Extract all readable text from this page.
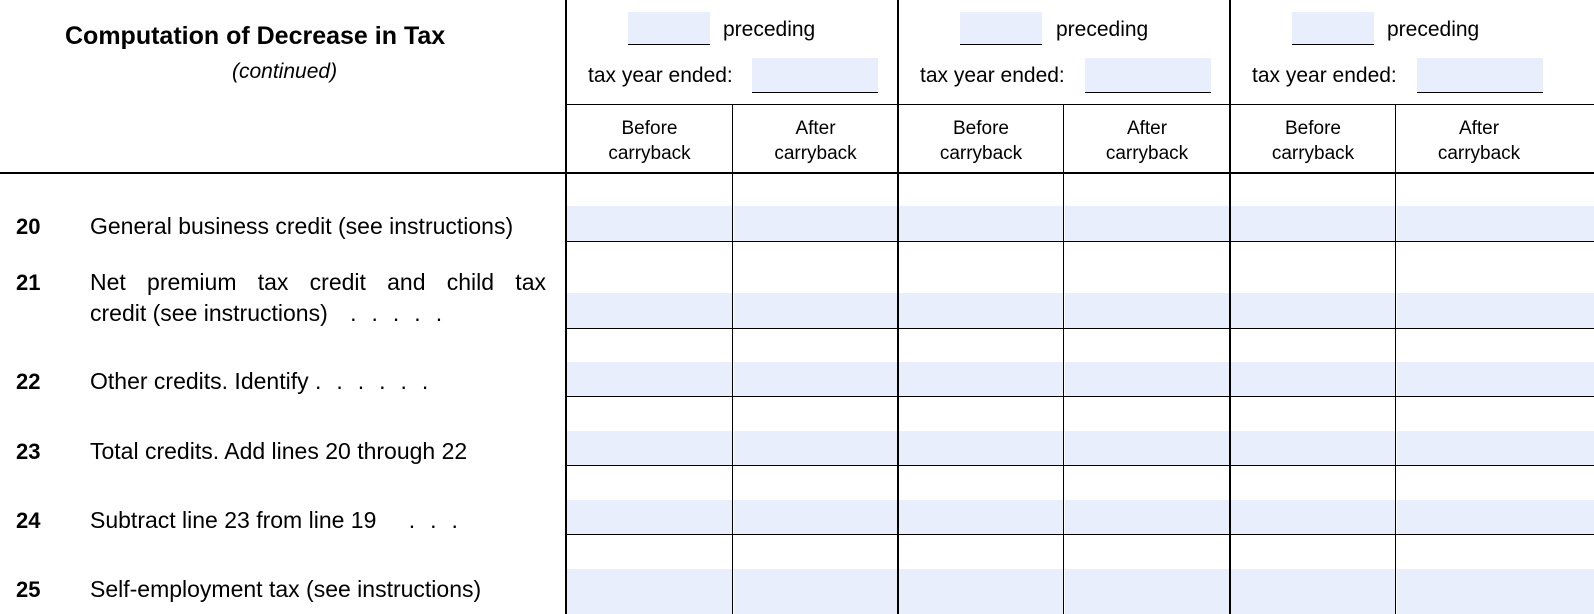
Computation of Decrease in Tax
(continued)
preceding
tax year ended:
preceding
tax year ended:
preceding
tax year ended:
Before
carryback
After
carryback
Before
carryback
After
carryback
Before
carryback
After
carryback
20 General business credit (see instructions)
21 Net premium tax credit and child tax
credit (see instructions) .....
22 Other credits. Identify ......
23 Total credits. Add lines 20 through 22
24 Subtract line 23 from line 19 ...
25 Self-employment tax (see instructions)
